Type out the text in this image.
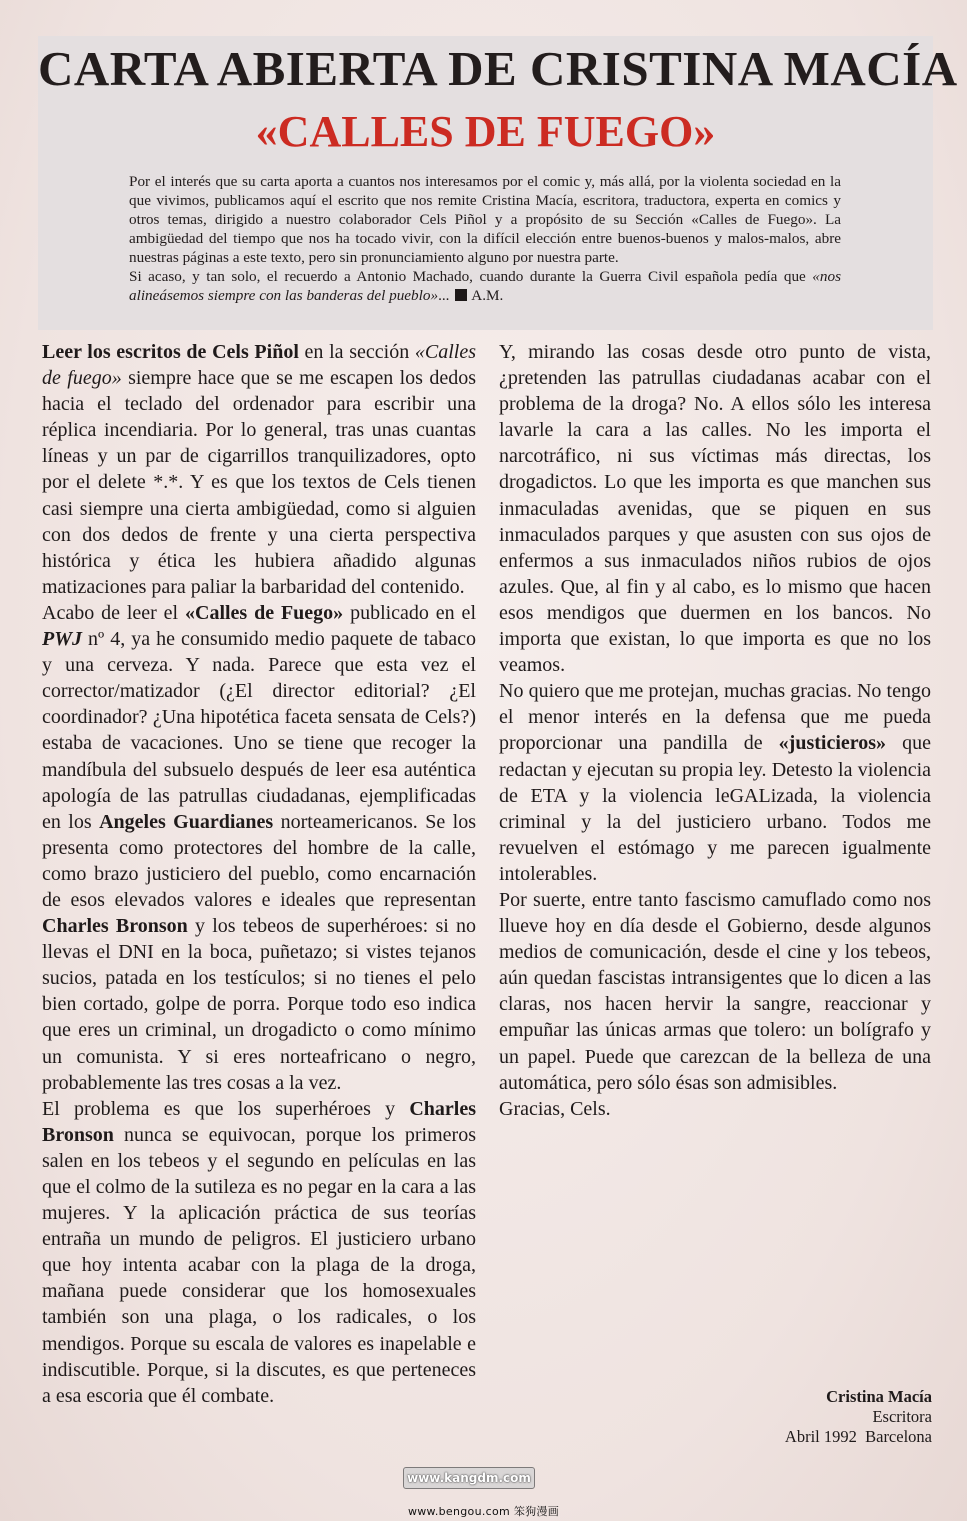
CARTA ABIERTA DE CRISTINA MACÍA
«CALLES DE FUEGO»

Por el interés que su carta aporta a cuantos nos interesamos por el comic y, más allá, por la violenta sociedad en la que vivimos, publicamos aquí el escrito que nos remite Cristina Macía, escritora, traductora, experta en comics y otros temas, dirigido a nuestro colaborador Cels Piñol y a propósito de su Sección «Calles de Fuego». La ambigüedad del tiempo que nos ha tocado vivir, con la difícil elección entre buenos-buenos y malos-malos, abre nuestras páginas a este texto, pero sin pronunciamiento alguno por nuestra parte.

Si acaso, y tan solo, el recuerdo a Antonio Machado, cuando durante la Guerra Civil española pedía que «nos alineásemos siempre con las banderas del pueblo»... A.M.

Leer los escritos de Cels Piñol en la sección «Calles de fuego» siempre hace que se me escapen los dedos hacia el teclado del ordenador para escribir una réplica incendiaria. Por lo general, tras unas cuantas líneas y un par de cigarrillos tranquilizadores, opto por el delete *.*. Y es que los textos de Cels tienen casi siempre una cierta ambigüedad, como si alguien con dos dedos de frente y una cierta perspectiva histórica y ética les hubiera añadido algunas matizaciones para paliar la barbaridad del contenido.

Acabo de leer el «Calles de Fuego» publicado en el PWJ nº 4, ya he consumido medio paquete de tabaco y una cerveza. Y nada. Parece que esta vez el corrector/matizador (¿El director editorial? ¿El coordinador? ¿Una hipotética faceta sensata de Cels?) estaba de vacaciones. Uno se tiene que recoger la mandíbula del subsuelo después de leer esa auténtica apología de las patrullas ciudadanas, ejemplificadas en los Angeles Guardianes norteamericanos. Se los presenta como protectores del hombre de la calle, como brazo justiciero del pueblo, como encarnación de esos elevados valores e ideales que representan Charles Bronson y los tebeos de superhéroes: si no llevas el DNI en la boca, puñetazo; si vistes tejanos sucios, patada en los testículos; si no tienes el pelo bien cortado, golpe de porra. Porque todo eso indica que eres un criminal, un drogadicto o como mínimo un comunista. Y si eres norteafricano o negro, probablemente las tres cosas a la vez.

El problema es que los superhéroes y Charles Bronson nunca se equivocan, porque los primeros salen en los tebeos y el segundo en películas en las que el colmo de la sutileza es no pegar en la cara a las mujeres. Y la aplicación práctica de sus teorías entraña un mundo de peligros. El justiciero urbano que hoy intenta acabar con la plaga de la droga, mañana puede considerar que los homosexuales también son una plaga, o los radicales, o los mendigos. Porque su escala de valores es inapelable e indiscutible. Porque, si la discutes, es que perteneces a esa escoria que él combate.

Y, mirando las cosas desde otro punto de vista, ¿pretenden las patrullas ciudadanas acabar con el problema de la droga? No. A ellos sólo les interesa lavarle la cara a las calles. No les importa el narcotráfico, ni sus víctimas más directas, los drogadictos. Lo que les importa es que manchen sus inmaculadas avenidas, que se piquen en sus inmaculados parques y que asusten con sus ojos de enfermos a sus inmaculados niños rubios de ojos azules. Que, al fin y al cabo, es lo mismo que hacen esos mendigos que duermen en los bancos. No importa que existan, lo que importa es que no los veamos.

No quiero que me protejan, muchas gracias. No tengo el menor interés en la defensa que me pueda proporcionar una pandilla de «justicieros» que redactan y ejecutan su propia ley. Detesto la violencia de ETA y la violencia leGALizada, la violencia criminal y la del justiciero urbano. Todos me revuelven el estómago y me parecen igualmente intolerables.

Por suerte, entre tanto fascismo camuflado como nos llueve hoy en día desde el Gobierno, desde algunos medios de comunicación, desde el cine y los tebeos, aún quedan fascistas intransigentes que lo dicen a las claras, nos hacen hervir la sangre, reaccionar y empuñar las únicas armas que tolero: un bolígrafo y un papel. Puede que carezcan de la belleza de una automática, pero sólo ésas son admisibles.

Gracias, Cels.

Cristina Macía
Escritora
Abril 1992  Barcelona
www.kangdm.com
www.bengou.com 笨狗漫画
